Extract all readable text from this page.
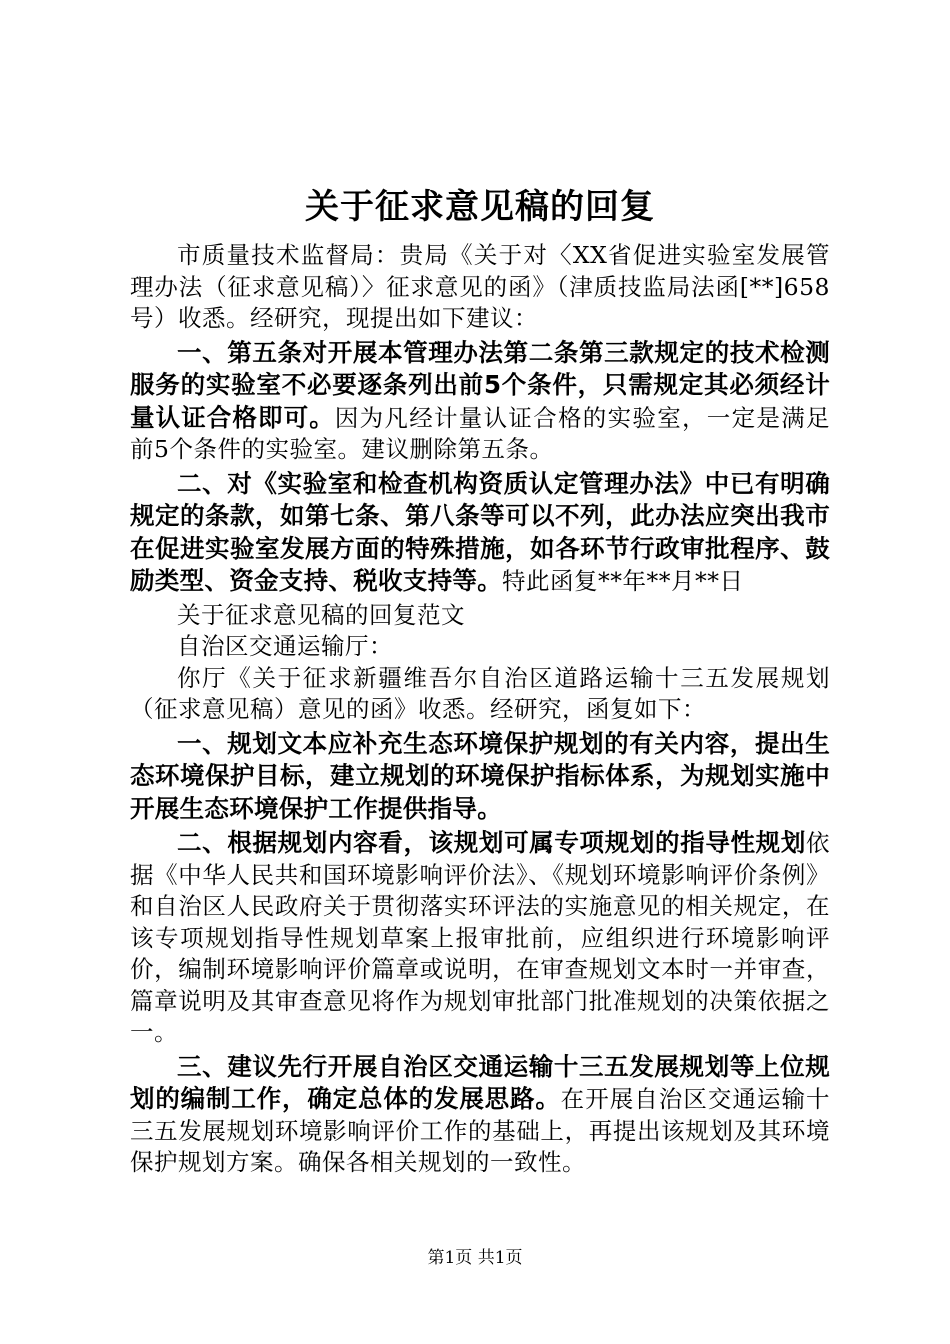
关于征求意见稿的回复

市质量技术监督局：贵局《关于对〈XX省促进实验室发展管理办法（征求意见稿）〉征求意见的函》（津质技监局法函[**]658号）收悉。经研究，现提出如下建议：

一、第五条对开展本管理办法第二条第三款规定的技术检测服务的实验室不必要逐条列出前5个条件，只需规定其必须经计量认证合格即可。因为凡经计量认证合格的实验室，一定是满足前5个条件的实验室。建议删除第五条。

二、对《实验室和检查机构资质认定管理办法》中已有明确规定的条款，如第七条、第八条等可以不列，此办法应突出我市在促进实验室发展方面的特殊措施，如各环节行政审批程序、鼓励类型、资金支持、税收支持等。特此函复**年**月**日

关于征求意见稿的回复范文

自治区交通运输厅：

你厅《关于征求新疆维吾尔自治区道路运输十三五发展规划（征求意见稿）意见的函》收悉。经研究，函复如下：

一、规划文本应补充生态环境保护规划的有关内容，提出生态环境保护目标，建立规划的环境保护指标体系，为规划实施中开展生态环境保护工作提供指导。

二、根据规划内容看，该规划可属专项规划的指导性规划依据《中华人民共和国环境影响评价法》、《规划环境影响评价条例》和自治区人民政府关于贯彻落实环评法的实施意见的相关规定，在该专项规划指导性规划草案上报审批前，应组织进行环境影响评价，编制环境影响评价篇章或说明，在审查规划文本时一并审查，篇章说明及其审查意见将作为规划审批部门批准规划的决策依据之一。

三、建议先行开展自治区交通运输十三五发展规划等上位规划的编制工作，确定总体的发展思路。在开展自治区交通运输十三五发展规划环境影响评价工作的基础上，再提出该规划及其环境保护规划方案。确保各相关规划的一致性。

第1页 共1页
